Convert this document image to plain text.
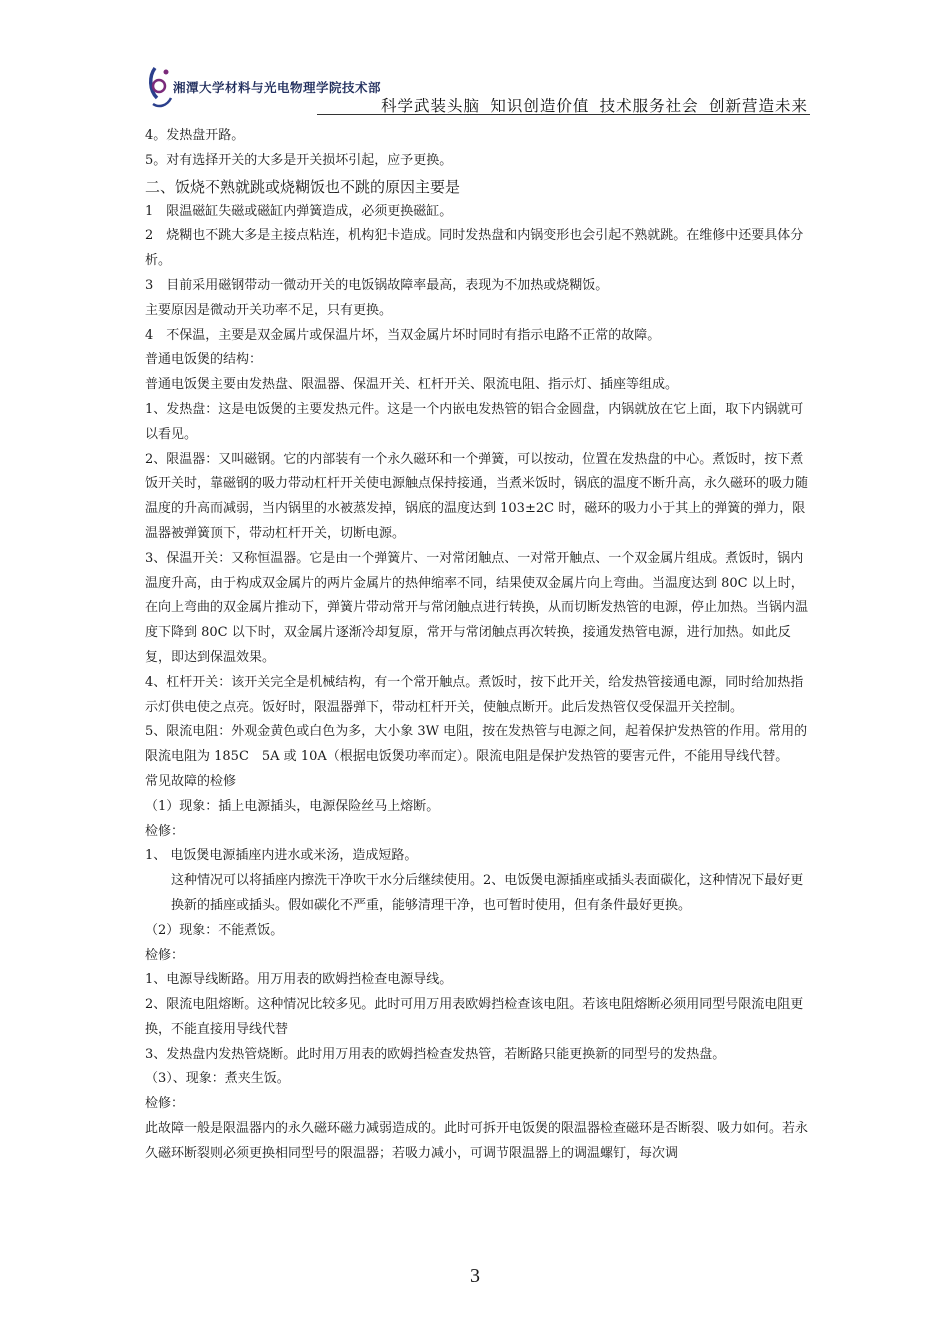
湘潭大学材料与光电物理学院技术部
科学武装头脑 知识创造价值 技术服务社会 创新营造未来

4。发热盘开路。

5。对有选择开关的大多是开关损坏引起，应予更换。

二、饭烧不熟就跳或烧糊饭也不跳的原因主要是

1　限温磁缸失磁或磁缸内弹簧造成，必须更换磁缸。

2　烧糊也不跳大多是主接点粘连，机构犯卡造成。同时发热盘和内锅变形也会引起不熟就跳。在维修中还要具体分析。

3　目前采用磁钢带动一微动开关的电饭锅故障率最高，表现为不加热或烧糊饭。

主要原因是微动开关功率不足，只有更换。

4　不保温，主要是双金属片或保温片坏，当双金属片坏时同时有指示电路不正常的故障。

普通电饭煲的结构：

普通电饭煲主要由发热盘、限温器、保温开关、杠杆开关、限流电阻、指示灯、插座等组成。

1、发热盘：这是电饭煲的主要发热元件。这是一个内嵌电发热管的铝合金圆盘，内锅就放在它上面，取下内锅就可以看见。

2、限温器：又叫磁钢。它的内部装有一个永久磁环和一个弹簧，可以按动，位置在发热盘的中心。煮饭时，按下煮饭开关时，靠磁钢的吸力带动杠杆开关使电源触点保持接通，当煮米饭时，锅底的温度不断升高，永久磁环的吸力随温度的升高而减弱，当内锅里的水被蒸发掉，锅底的温度达到 103±2C 时，磁环的吸力小于其上的弹簧的弹力，限温器被弹簧顶下，带动杠杆开关，切断电源。

3、保温开关：又称恒温器。它是由一个弹簧片、一对常闭触点、一对常开触点、一个双金属片组成。煮饭时，锅内温度升高，由于构成双金属片的两片金属片的热伸缩率不同，结果使双金属片向上弯曲。当温度达到 80C 以上时，在向上弯曲的双金属片推动下，弹簧片带动常开与常闭触点进行转换，从而切断发热管的电源，停止加热。当锅内温度下降到 80C 以下时，双金属片逐渐冷却复原，常开与常闭触点再次转换，接通发热管电源，进行加热。如此反复，即达到保温效果。

4、杠杆开关：该开关完全是机械结构，有一个常开触点。煮饭时，按下此开关，给发热管接通电源，同时给加热指示灯供电使之点亮。饭好时，限温器弹下，带动杠杆开关，使触点断开。此后发热管仅受保温开关控制。

5、限流电阻：外观金黄色或白色为多，大小象 3W 电阻，按在发热管与电源之间，起着保护发热管的作用。常用的限流电阻为 185C　5A 或 10A（根据电饭煲功率而定）。限流电阻是保护发热管的要害元件，不能用导线代替。

常见故障的检修

（1）现象：插上电源插头，电源保险丝马上熔断。

检修：

1、 电饭煲电源插座内进水或米汤，造成短路。

这种情况可以将插座内擦洗干净吹干水分后继续使用。2、电饭煲电源插座或插头表面碳化，这种情况下最好更换新的插座或插头。假如碳化不严重，能够清理干净，也可暂时使用，但有条件最好更换。

（2）现象：不能煮饭。

检修：

1、电源导线断路。用万用表的欧姆挡检查电源导线。

2、限流电阻熔断。这种情况比较多见。此时可用万用表欧姆挡检查该电阻。若该电阻熔断必须用同型号限流电阻更换，不能直接用导线代替

3、发热盘内发热管烧断。此时用万用表的欧姆挡检查发热管，若断路只能更换新的同型号的发热盘。

（3）、现象：煮夹生饭。

检修：

此故障一般是限温器内的永久磁环磁力减弱造成的。此时可拆开电饭煲的限温器检查磁环是否断裂、吸力如何。若永久磁环断裂则必须更换相同型号的限温器；若吸力减小，可调节限温器上的调温螺钉，每次调

3
